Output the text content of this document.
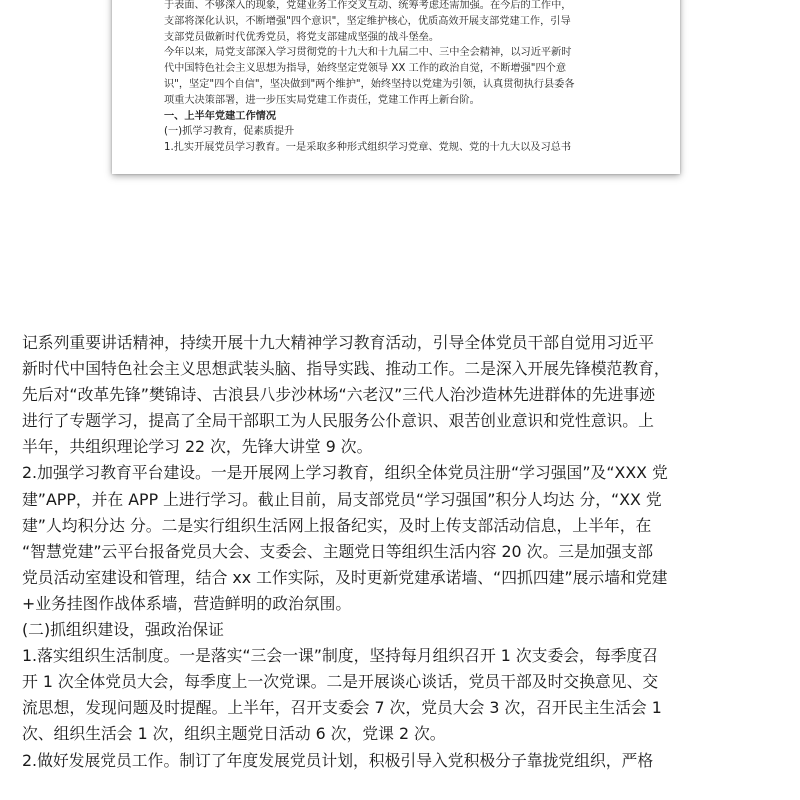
于表面、不够深入的现象，党建业务工作交叉互动、统筹考虑还需加强。在今后的工作中，
支部将深化认识，不断增强"四个意识"，坚定维护核心，优质高效开展支部党建工作，引导
支部党员做新时代优秀党员，将党支部建成坚强的战斗堡垒。
今年以来，局党支部深入学习贯彻党的十九大和十九届二中、三中全会精神，以习近平新时
代中国特色社会主义思想为指导，始终坚定党领导 XX 工作的政治自觉，不断增强"四个意
识"，坚定"四个自信"，坚决做到"两个维护"，始终坚持以党建为引领，认真贯彻执行县委各
项重大决策部署，进一步压实局党建工作责任，党建工作再上新台阶。
一、上半年党建工作情况
(一)抓学习教育，促素质提升
1.扎实开展党员学习教育。一是采取多种形式组织学习党章、党规、党的十九大以及习总书
记系列重要讲话精神，持续开展十九大精神学习教育活动，引导全体党员干部自觉用习近平
新时代中国特色社会主义思想武装头脑、指导实践、推动工作。二是深入开展先锋模范教育，
先后对“改革先锋”樊锦诗、古浪县八步沙林场“六老汉”三代人治沙造林先进群体的先进事迹
进行了专题学习，提高了全局干部职工为人民服务公仆意识、艰苦创业意识和党性意识。上
半年，共组织理论学习 22 次，先锋大讲堂 9 次。
2.加强学习教育平台建设。一是开展网上学习教育，组织全体党员注册“学习强国”及“XXX 党
建”APP，并在 APP 上进行学习。截止目前，局支部党员“学习强国”积分人均达 分，“XX 党
建”人均积分达 分。二是实行组织生活网上报备纪实，及时上传支部活动信息，上半年，在
“智慧党建”云平台报备党员大会、支委会、主题党日等组织生活内容 20 次。三是加强支部
党员活动室建设和管理，结合 xx 工作实际，及时更新党建承诺墙、“四抓四建”展示墙和党建
+业务挂图作战体系墙，营造鲜明的政治氛围。
(二)抓组织建设，强政治保证
1.落实组织生活制度。一是落实“三会一课”制度，坚持每月组织召开 1 次支委会，每季度召
开 1 次全体党员大会，每季度上一次党课。二是开展谈心谈话，党员干部及时交换意见、交
流思想，发现问题及时提醒。上半年，召开支委会 7 次，党员大会 3 次，召开民主生活会 1
次、组织生活会 1 次，组织主题党日活动 6 次，党课 2 次。
2.做好发展党员工作。制订了年度发展党员计划，积极引导入党积极分子靠拢党组织，严格
